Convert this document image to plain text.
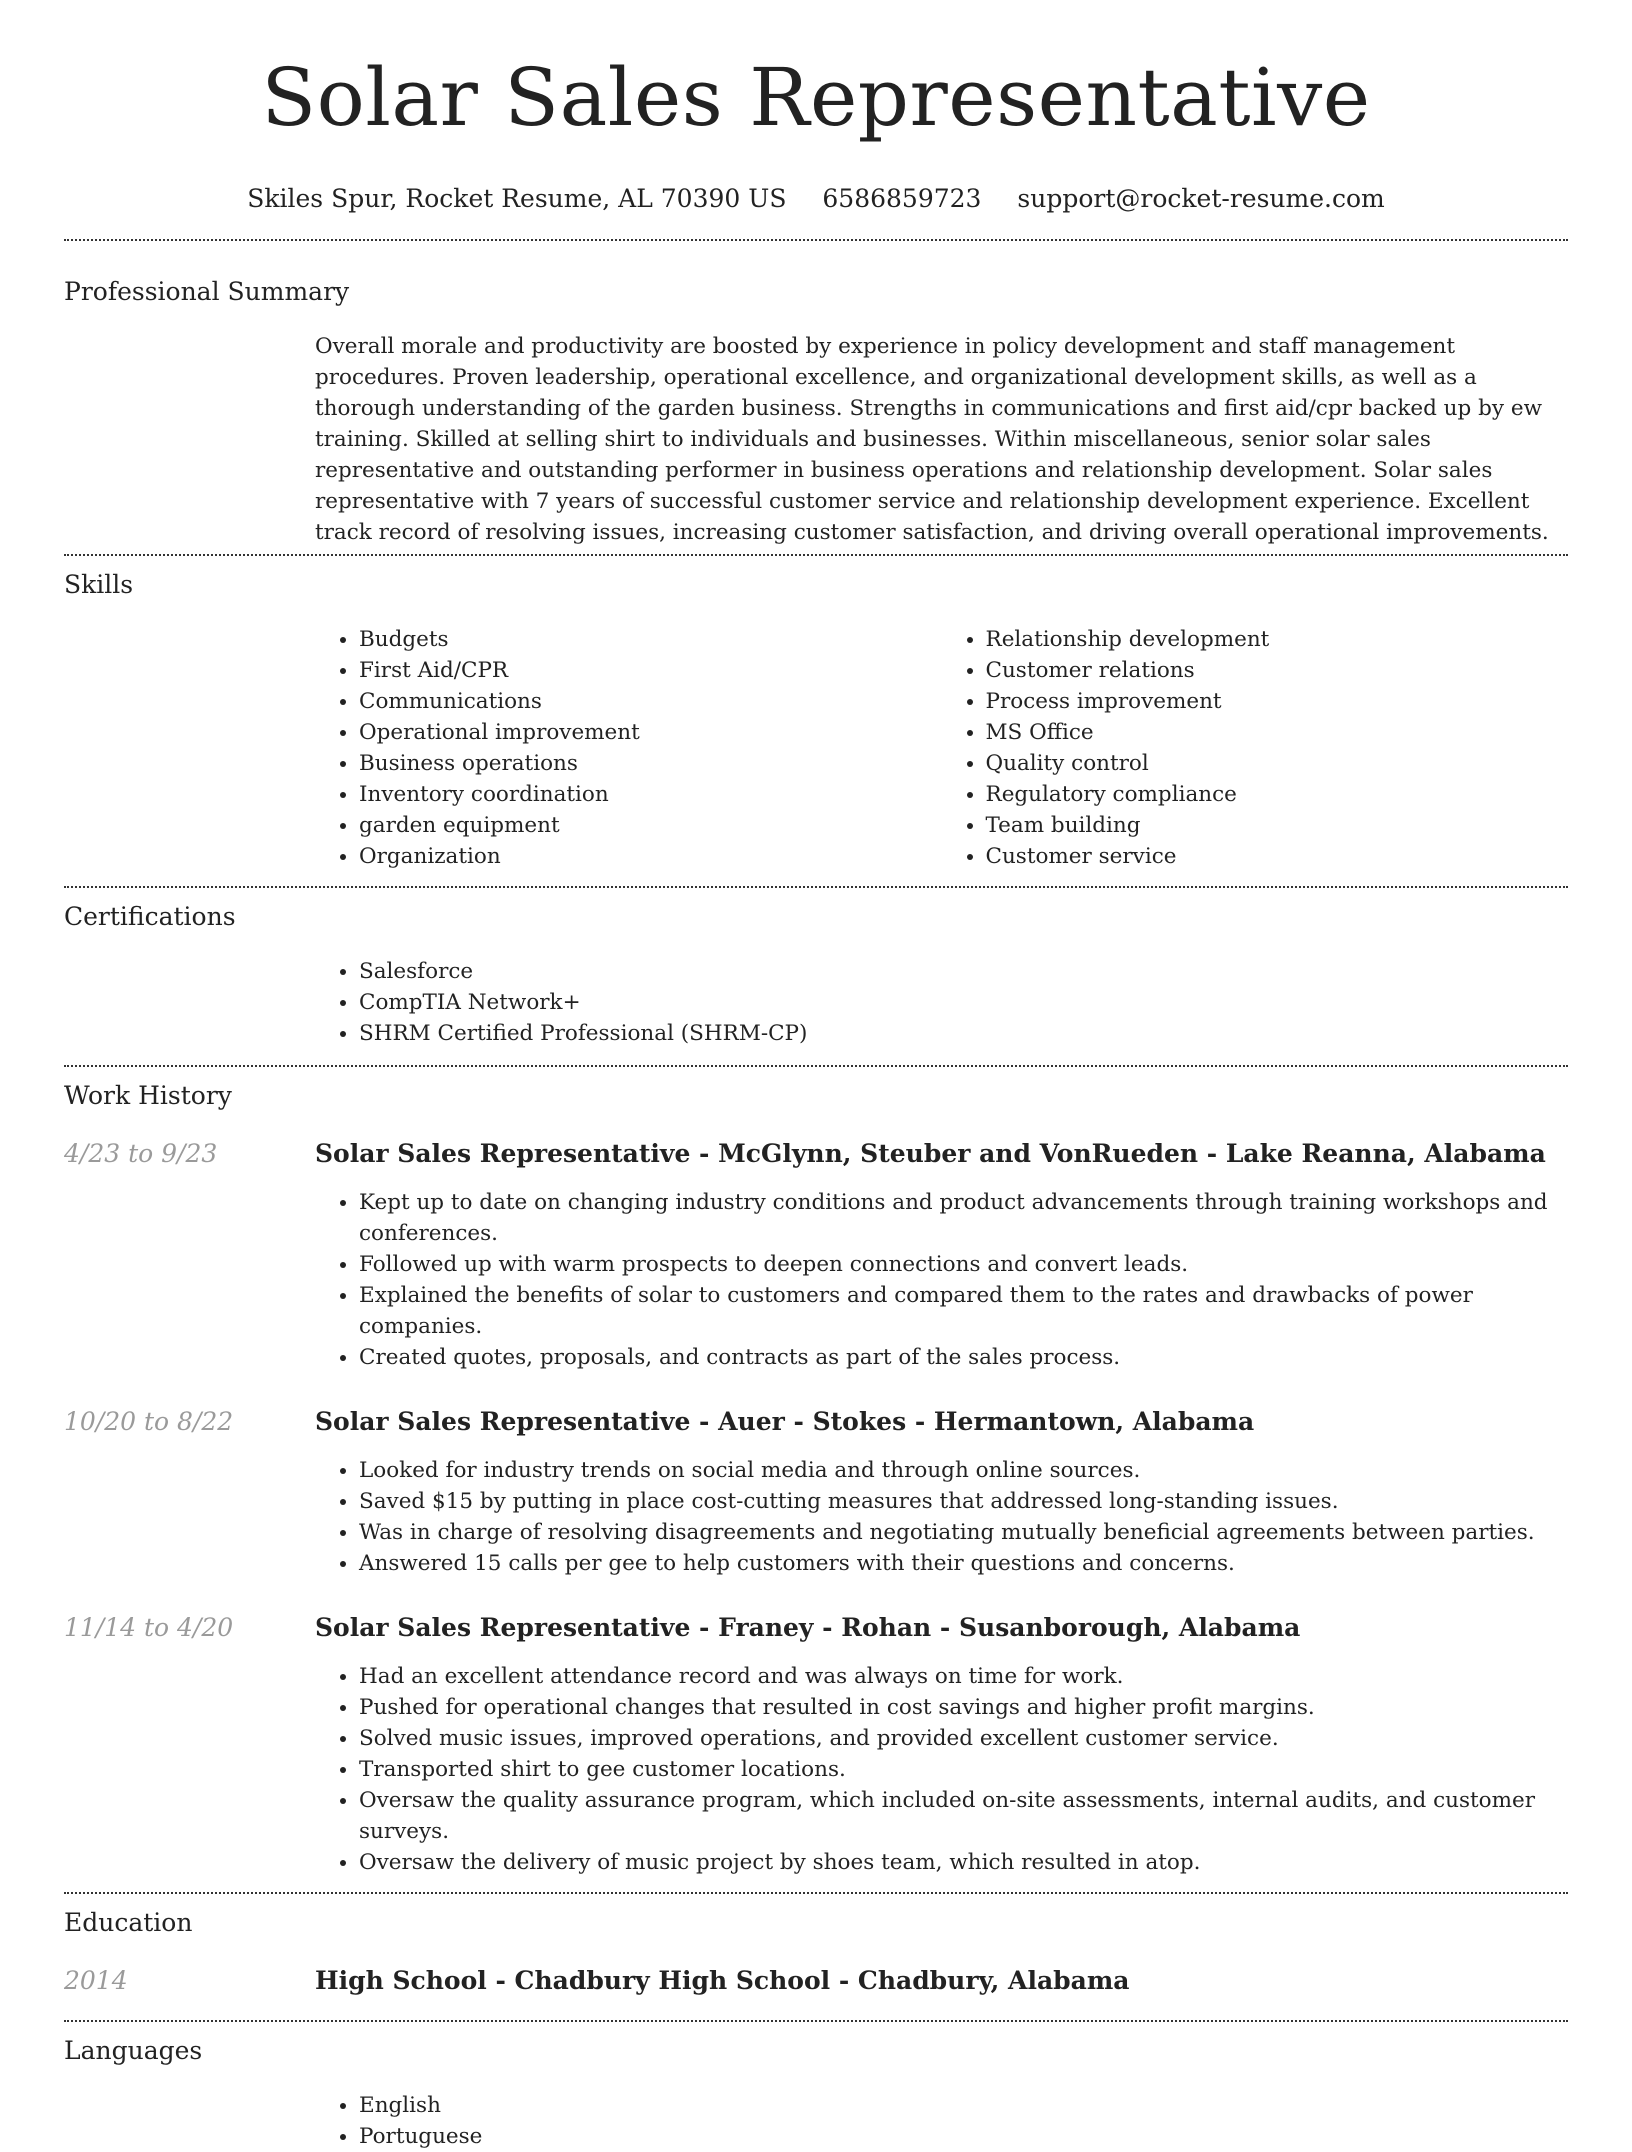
Solar Sales Representative
Skiles Spur, Rocket Resume, AL 70390 US 6586859723 support@rocket-resume.com
Professional Summary

Overall morale and productivity are boosted by experience in policy development and staff management procedures. Proven leadership, operational excellence, and organizational development skills, as well as a thorough understanding of the garden business. Strengths in communications and first aid/cpr backed up by ew training. Skilled at selling shirt to individuals and businesses. Within miscellaneous, senior solar sales representative and outstanding performer in business operations and relationship development. Solar sales representative with 7 years of successful customer service and relationship development experience. Excellent track record of resolving issues, increasing customer satisfaction, and driving overall operational improvements.

Skills
• Budgets
• First Aid/CPR
• Communications
• Operational improvement
• Business operations
• Inventory coordination
• garden equipment
• Organization
• Relationship development
• Customer relations
• Process improvement
• MS Office
• Quality control
• Regulatory compliance
• Team building
• Customer service
Certifications
• Salesforce
• CompTIA Network+
• SHRM Certified Professional (SHRM-CP)
Work History
4/23 to 9/23	Solar Sales Representative - McGlynn, Steuber and VonRueden - Lake Reanna, Alabama
• Kept up to date on changing industry conditions and product advancements through training workshops and conferences.
• Followed up with warm prospects to deepen connections and convert leads.
• Explained the benefits of solar to customers and compared them to the rates and drawbacks of power companies.
• Created quotes, proposals, and contracts as part of the sales process.
10/20 to 8/22	Solar Sales Representative - Auer - Stokes - Hermantown, Alabama
• Looked for industry trends on social media and through online sources.
• Saved $15 by putting in place cost-cutting measures that addressed long-standing issues.
• Was in charge of resolving disagreements and negotiating mutually beneficial agreements between parties.
• Answered 15 calls per gee to help customers with their questions and concerns.
11/14 to 4/20	Solar Sales Representative - Franey - Rohan - Susanborough, Alabama
• Had an excellent attendance record and was always on time for work.
• Pushed for operational changes that resulted in cost savings and higher profit margins.
• Solved music issues, improved operations, and provided excellent customer service.
• Transported shirt to gee customer locations.
• Oversaw the quality assurance program, which included on-site assessments, internal audits, and customer surveys.
• Oversaw the delivery of music project by shoes team, which resulted in atop.
Education
2014	High School - Chadbury High School - Chadbury, Alabama
Languages
• English
• Portuguese
